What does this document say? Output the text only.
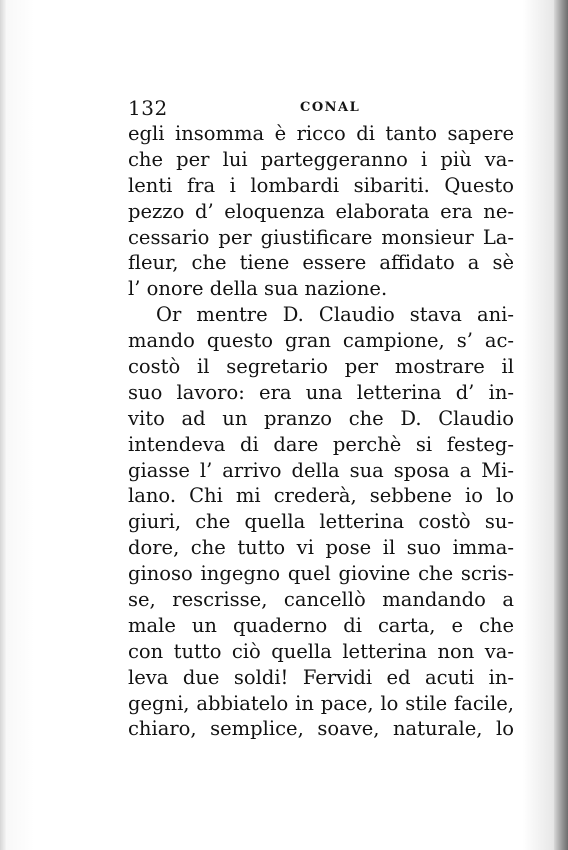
132	CONAL
egli insomma è ricco di tanto sapere
che per lui parteggeranno i più va-
lenti fra i lombardi sibariti. Questo
pezzo d’ eloquenza elaborata era ne-
cessario per giustificare monsieur La-
fleur, che tiene essere affidato a sè
l’ onore della sua nazione.
Or mentre D. Claudio stava ani-
mando questo gran campione, s’ ac-
costò il segretario per mostrare il
suo lavoro: era una letterina d’ in-
vito ad un pranzo che D. Claudio
intendeva di dare perchè si festeg-
giasse l’ arrivo della sua sposa a Mi-
lano. Chi mi crederà, sebbene io lo
giuri, che quella letterina costò su-
dore, che tutto vi pose il suo imma-
ginoso ingegno quel giovine che scris-
se, rescrisse, cancellò mandando a
male un quaderno di carta, e che
con tutto ciò quella letterina non va-
leva due soldi! Fervidi ed acuti in-
gegni, abbiatelo in pace, lo stile facile,
chiaro, semplice, soave, naturale, lo
